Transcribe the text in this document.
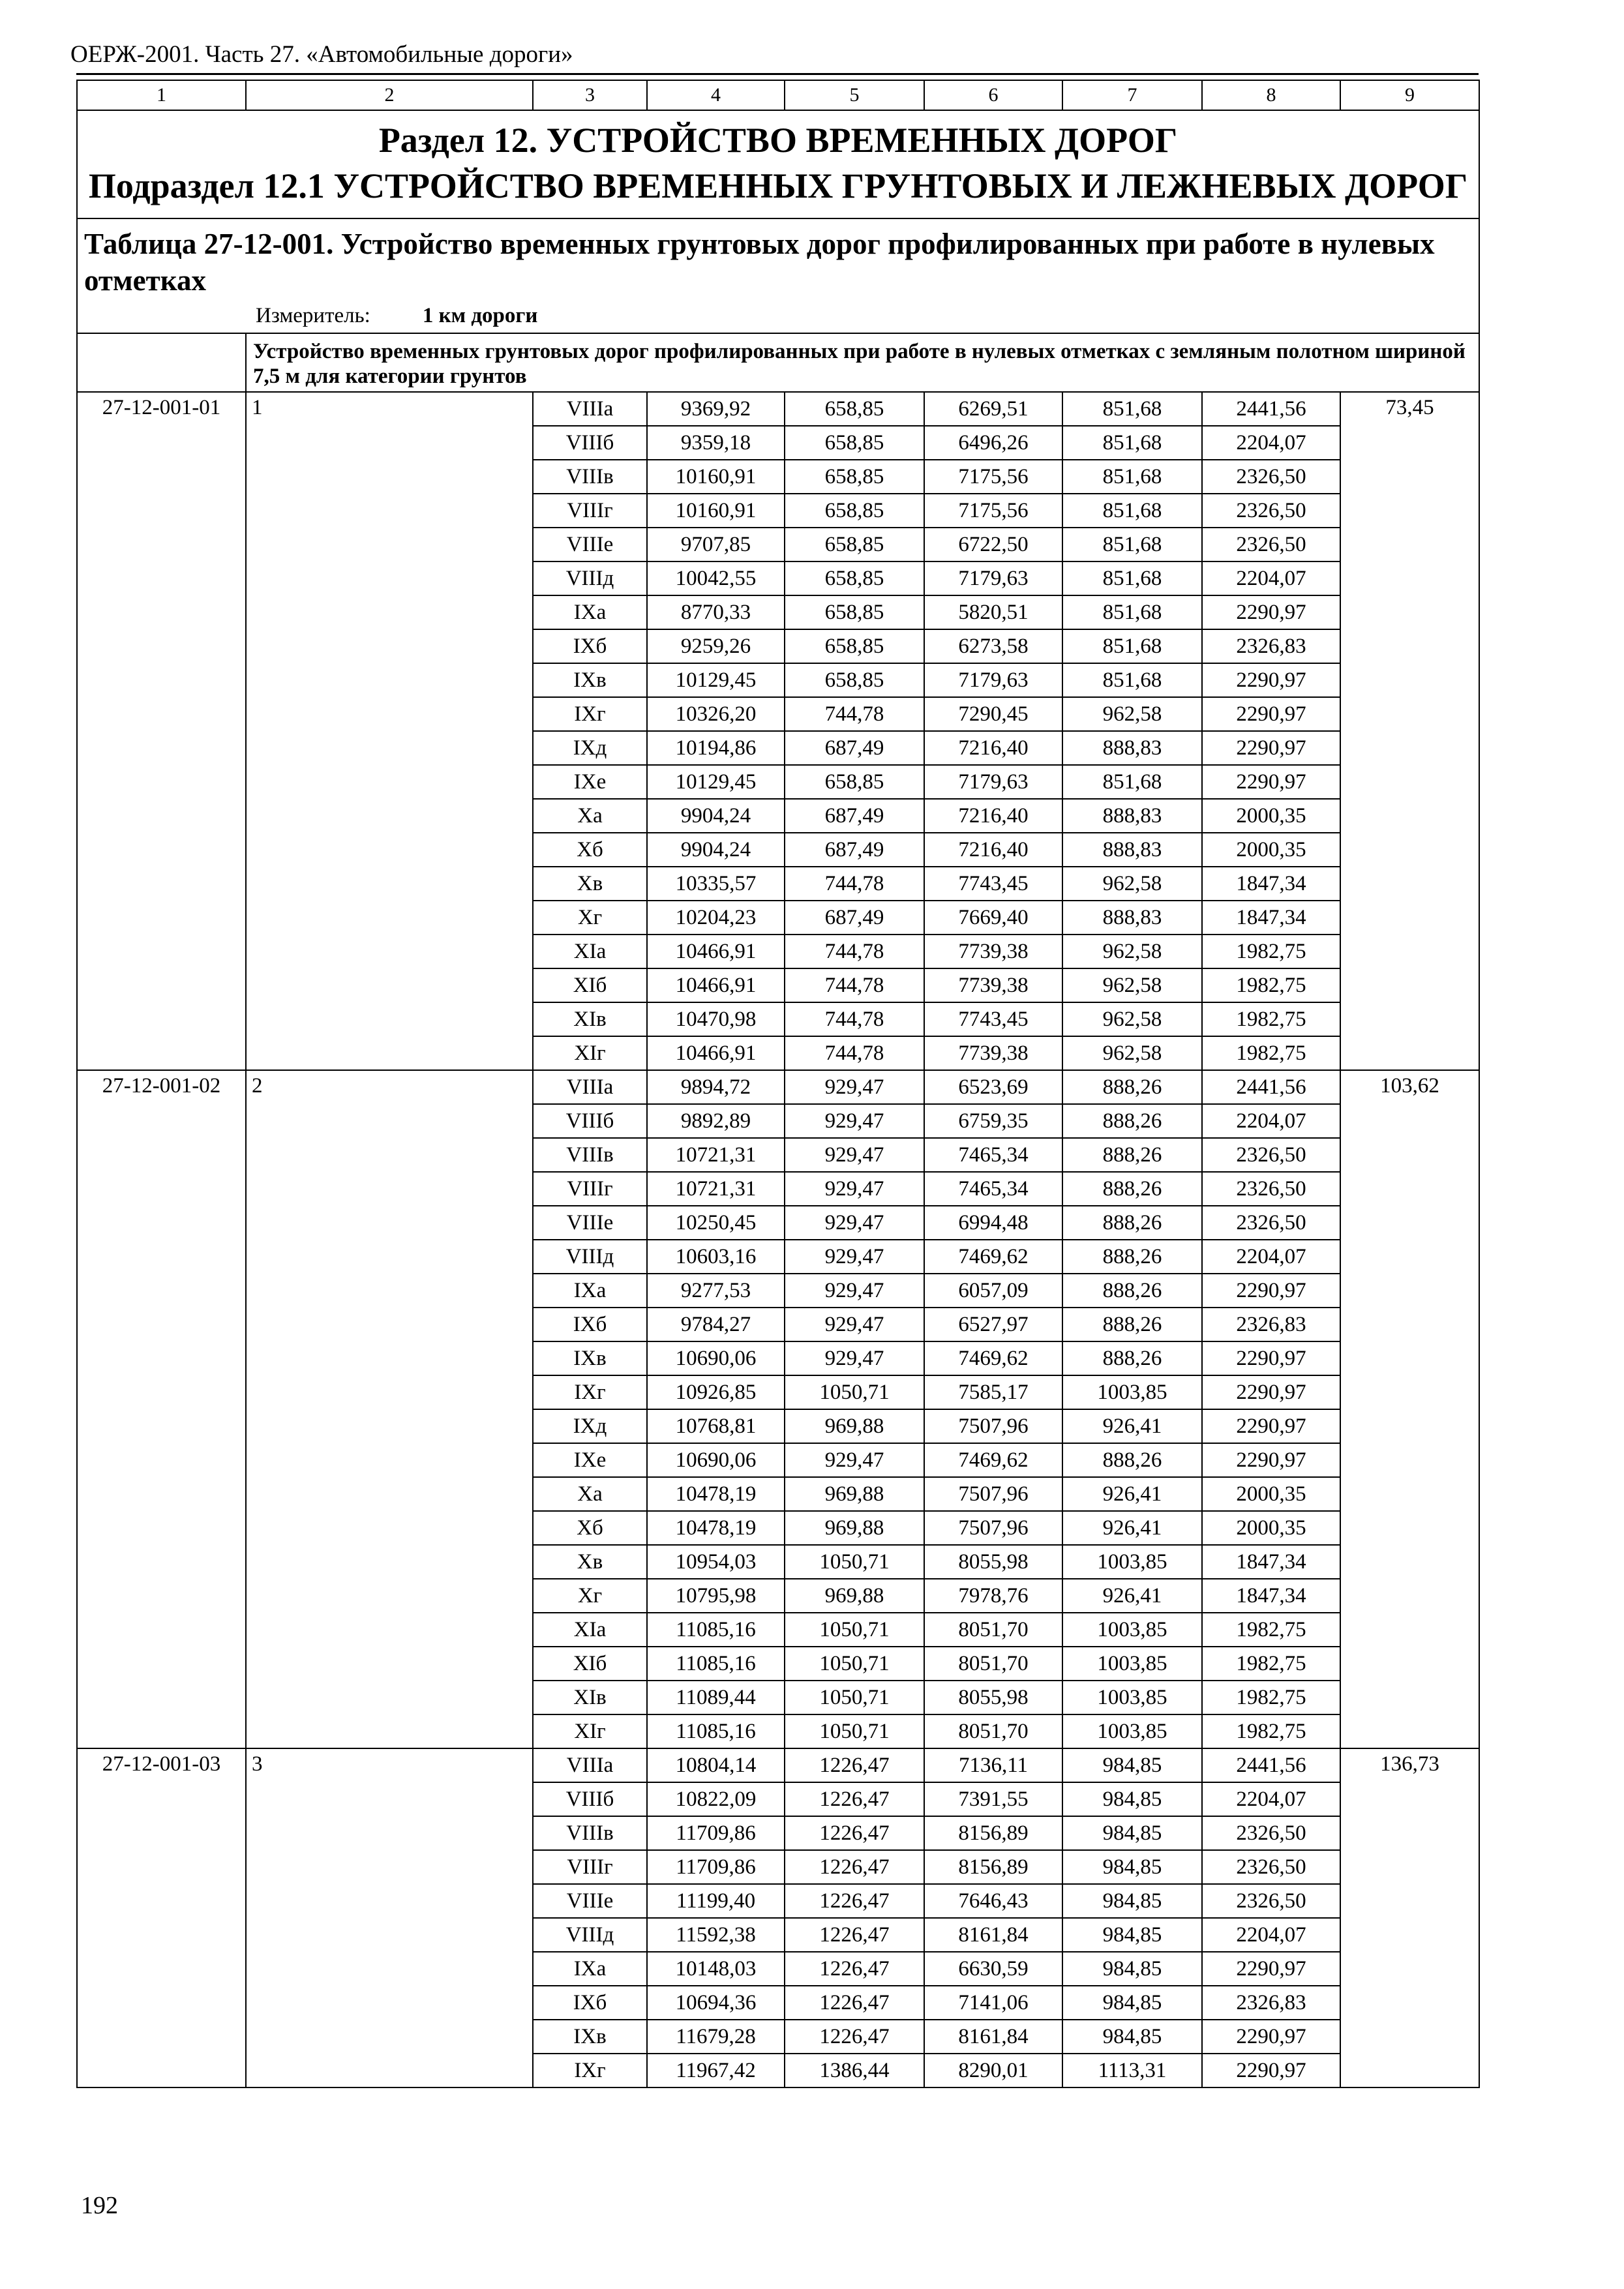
ОЕРЖ-2001. Часть 27. «Автомобильные дороги»
1	2	3	4	5	6	7	8	9

Раздел 12. УСТРОЙСТВО ВРЕМЕННЫХ ДОРОГ
Подраздел 12.1 УСТРОЙСТВО ВРЕМЕННЫХ ГРУНТОВЫХ И ЛЕЖНЕВЫХ ДОРОГ								

Таблица 27-12-001. Устройство временных грунтовых дорог профилированных при работе в нулевых отметках
Измеритель: 1 км дороги								

	Устройство временных грунтовых дорог профилированных при работе в нулевых отметках с земляным полотном шириной 7,5 м для категории грунтов							

27-12-001-01	1	VIIIa	9369,92	658,85	6269,51	851,68	2441,56	73,45
		VIIIб	9359,18	658,85	6496,26	851,68	2204,07	
		VIIIв	10160,91	658,85	7175,56	851,68	2326,50	
		VIIIг	10160,91	658,85	7175,56	851,68	2326,50	
		VIIIe	9707,85	658,85	6722,50	851,68	2326,50	
		VIIIд	10042,55	658,85	7179,63	851,68	2204,07	
		IXa	8770,33	658,85	5820,51	851,68	2290,97	
		IXб	9259,26	658,85	6273,58	851,68	2326,83	
		IXв	10129,45	658,85	7179,63	851,68	2290,97	
		IXг	10326,20	744,78	7290,45	962,58	2290,97	
		IXд	10194,86	687,49	7216,40	888,83	2290,97	
		IXe	10129,45	658,85	7179,63	851,68	2290,97	
		Xa	9904,24	687,49	7216,40	888,83	2000,35	
		Xб	9904,24	687,49	7216,40	888,83	2000,35	
		Xв	10335,57	744,78	7743,45	962,58	1847,34	
		Xг	10204,23	687,49	7669,40	888,83	1847,34	
		XIa	10466,91	744,78	7739,38	962,58	1982,75	
		XIб	10466,91	744,78	7739,38	962,58	1982,75	
		XIв	10470,98	744,78	7743,45	962,58	1982,75	
		XIг	10466,91	744,78	7739,38	962,58	1982,75	
27-12-001-02	2	VIIIa	9894,72	929,47	6523,69	888,26	2441,56	103,62
		VIIIб	9892,89	929,47	6759,35	888,26	2204,07	
		VIIIв	10721,31	929,47	7465,34	888,26	2326,50	
		VIIIг	10721,31	929,47	7465,34	888,26	2326,50	
		VIIIe	10250,45	929,47	6994,48	888,26	2326,50	
		VIIIд	10603,16	929,47	7469,62	888,26	2204,07	
		IXa	9277,53	929,47	6057,09	888,26	2290,97	
		IXб	9784,27	929,47	6527,97	888,26	2326,83	
		IXв	10690,06	929,47	7469,62	888,26	2290,97	
		IXг	10926,85	1050,71	7585,17	1003,85	2290,97	
		IXд	10768,81	969,88	7507,96	926,41	2290,97	
		IXe	10690,06	929,47	7469,62	888,26	2290,97	
		Xa	10478,19	969,88	7507,96	926,41	2000,35	
		Xб	10478,19	969,88	7507,96	926,41	2000,35	
		Xв	10954,03	1050,71	8055,98	1003,85	1847,34	
		Xг	10795,98	969,88	7978,76	926,41	1847,34	
		XIa	11085,16	1050,71	8051,70	1003,85	1982,75	
		XIб	11085,16	1050,71	8051,70	1003,85	1982,75	
		XIв	11089,44	1050,71	8055,98	1003,85	1982,75	
		XIг	11085,16	1050,71	8051,70	1003,85	1982,75	
27-12-001-03	3	VIIIa	10804,14	1226,47	7136,11	984,85	2441,56	136,73
		VIIIб	10822,09	1226,47	7391,55	984,85	2204,07	
		VIIIв	11709,86	1226,47	8156,89	984,85	2326,50	
		VIIIг	11709,86	1226,47	8156,89	984,85	2326,50	
		VIIIe	11199,40	1226,47	7646,43	984,85	2326,50	
		VIIIд	11592,38	1226,47	8161,84	984,85	2204,07	
		IXa	10148,03	1226,47	6630,59	984,85	2290,97	
		IXб	10694,36	1226,47	7141,06	984,85	2326,83	
		IXв	11679,28	1226,47	8161,84	984,85	2290,97	
		IXг	11967,42	1386,44	8290,01	1113,31	2290,97	
192
